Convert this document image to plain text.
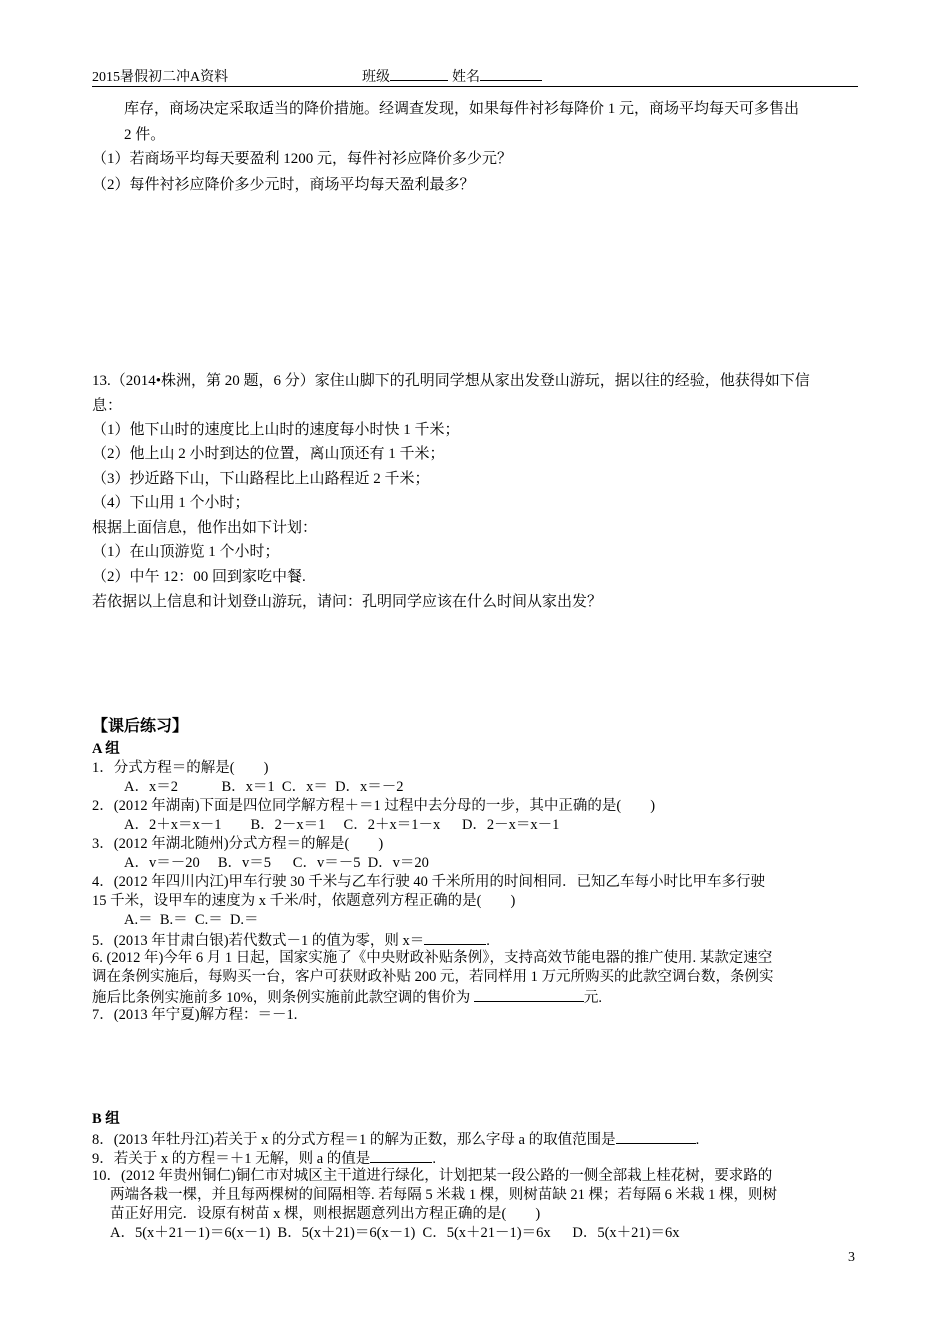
2015暑假初二冲A资料	班级	姓名
库存，商场决定采取适当的降价措施。经调查发现，如果每件衬衫每降价 1 元，商场平均每天可多售出
2 件。
（1）若商场平均每天要盈利 1200 元，每件衬衫应降价多少元？
（2）每件衬衫应降价多少元时，商场平均每天盈利最多？
13.（2014•株洲，第 20 题，6 分）家住山脚下的孔明同学想从家出发登山游玩，据以往的经验，他获得如下信
息：
（1）他下山时的速度比上山时的速度每小时快 1 千米；
（2）他上山 2 小时到达的位置，离山顶还有 1 千米；
（3）抄近路下山，下山路程比上山路程近 2 千米；
（4）下山用 1 个小时；
根据上面信息，他作出如下计划：
（1）在山顶游览 1 个小时；
（2）中午 12：00 回到家吃中餐.
若依据以上信息和计划登山游玩，请问：孔明同学应该在什么时间从家出发？
【课后练习】
A 组
1．分式方程＝的解是(　　)
A．x＝2　　　B．x＝1  C．x＝  D．x＝－2
2．(2012 年湖南)下面是四位同学解方程＋＝1 过程中去分母的一步，其中正确的是(　　)
A．2＋x＝x－1　　B．2－x＝1　 C．2＋x＝1－x　  D．2－x＝x－1
3．(2012 年湖北随州)分式方程＝的解是(　　)
A．v＝－20　 B．v＝5　  C．v＝－5  D．v＝20
4．(2012 年四川内江)甲车行驶 30 千米与乙车行驶 40 千米所用的时间相同．已知乙车每小时比甲车多行驶
15 千米，设甲车的速度为 x 千米/时，依题意列方程正确的是(　　)
A.＝  B.＝  C.＝  D.＝
5．(2013 年甘肃白银)若代数式－1 的值为零，则 x＝	.
6. (2012 年)今年 6 月 1 日起，国家实施了《中央财政补贴条例》，支持高效节能电器的推广使用. 某款定速空
调在条例实施后，每购买一台，客户可获财政补贴 200 元，若同样用 1 万元所购买的此款空调台数，条例实
施后比条例实施前多 10%，则条例实施前此款空调的售价为	元.
7．(2013 年宁夏)解方程：＝－1.
B 组
8．(2013 年牡丹江)若关于 x 的分式方程＝1 的解为正数，那么字母 a 的取值范围是	.
9．若关于 x 的方程＝＋1 无解，则 a 的值是	.
10．(2012 年贵州铜仁)铜仁市对城区主干道进行绿化，计划把某一段公路的一侧全部栽上桂花树，要求路的
两端各栽一棵，并且每两棵树的间隔相等. 若每隔 5 米栽 1 棵，则树苗缺 21 棵；若每隔 6 米栽 1 棵，则树
苗正好用完．设原有树苗 x 棵，则根据题意列出方程正确的是(　　)
A．5(x＋21－1)＝6(x－1)  B．5(x＋21)＝6(x－1)  C．5(x＋21－1)＝6x　  D．5(x＋21)＝6x
3
